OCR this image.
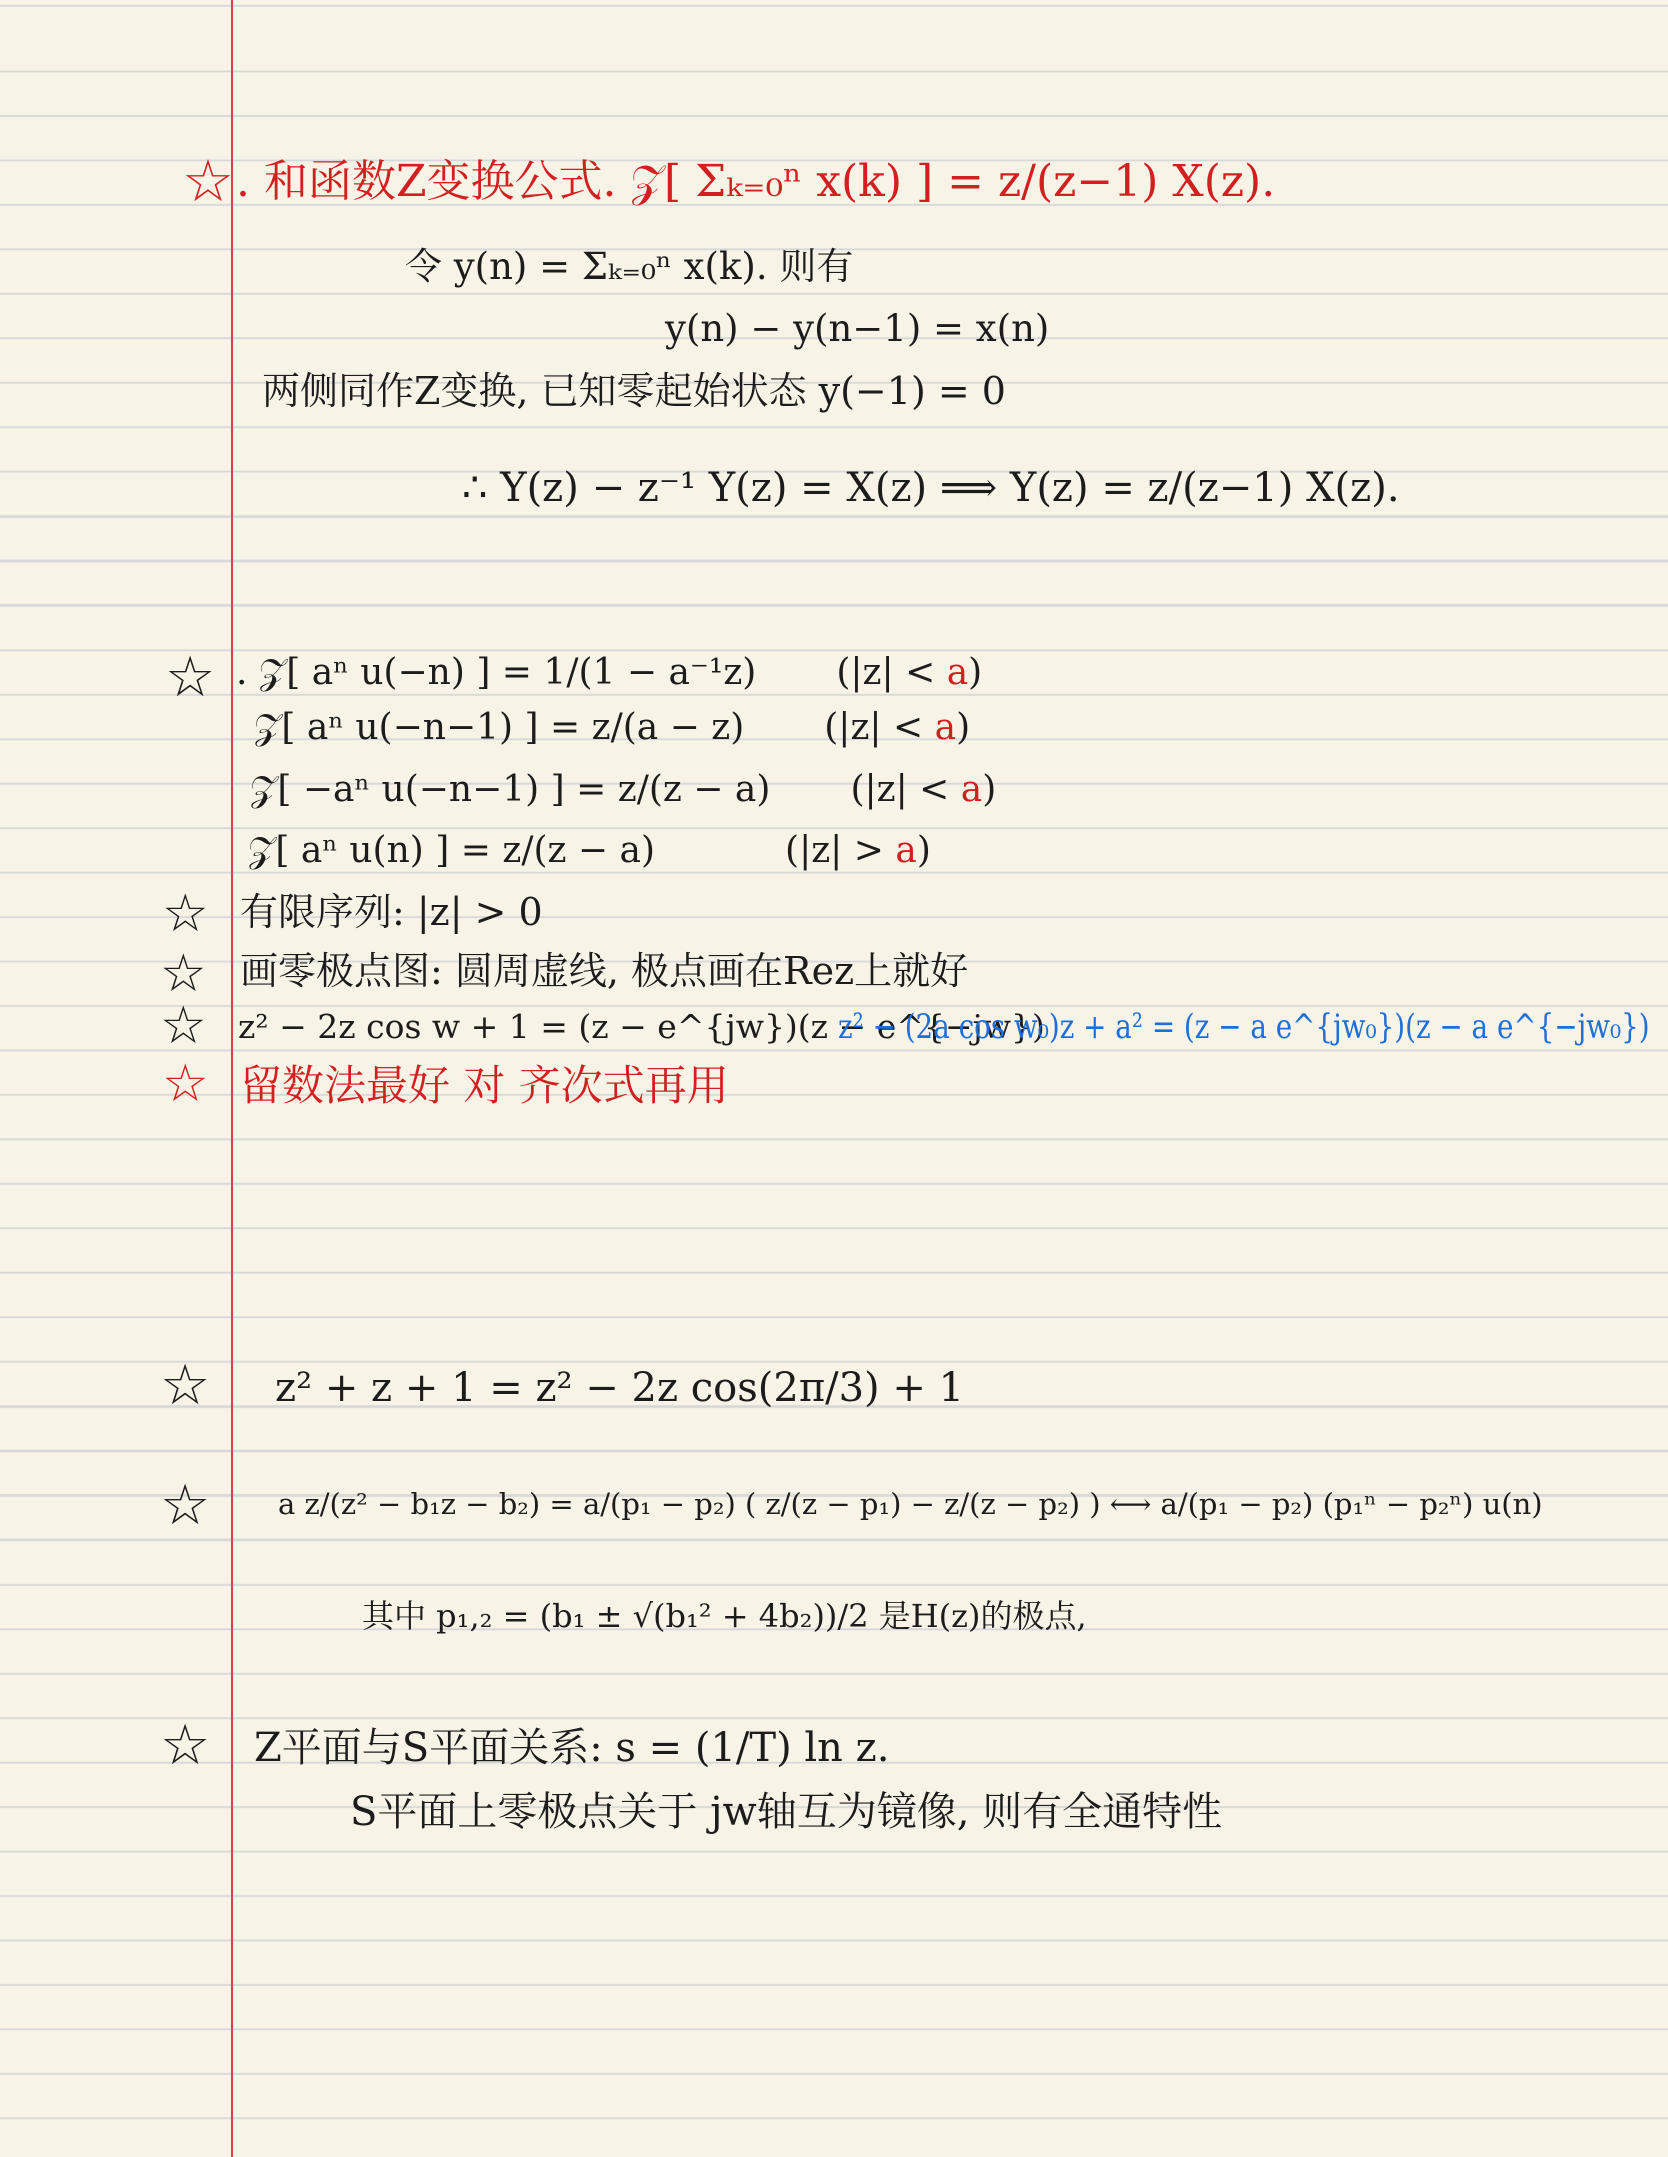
☆ . 和函数Z变换公式. 𝒵[ Σₖ₌₀ⁿ x(k) ] = z/(z−1) X(z).
令 y(n) = Σₖ₌₀ⁿ x(k). 则有
y(n) − y(n−1) = x(n)
两侧同作Z变换, 已知零起始状态 y(−1) = 0
∴ Y(z) − z⁻¹ Y(z) = X(z) ⟹ Y(z) = z/(z−1) X(z).
☆ . 𝒵[ aⁿ u(−n) ] = 1/(1 − a⁻¹z) (|z| < a)
𝒵[ aⁿ u(−n−1) ] = z/(a − z) (|z| < a)
𝒵[ −aⁿ u(−n−1) ] = z/(z − a) (|z| < a)
𝒵[ aⁿ u(n) ] = z/(z − a)	(|z| > a)
☆ 有限序列: |z| > 0
☆ 画零极点图: 圆周虚线, 极点画在Rez上就好
☆ z² − 2z cos w + 1 = (z − e^{jw})(z − e^{−jw})
z² − (2a cos w₀)z + a² = (z − a e^{jw₀})(z − a e^{−jw₀})
☆ 留数法最好 对 齐次式再用
☆ z² + z + 1 = z² − 2z cos(2π/3) + 1
☆ a z/(z² − b₁z − b₂) = a/(p₁ − p₂) ( z/(z − p₁) − z/(z − p₂) ) ⟷ a/(p₁ − p₂) (p₁ⁿ − p₂ⁿ) u(n)
其中 p₁,₂ = (b₁ ± √(b₁² + 4b₂))/2 是H(z)的极点,
☆ Z平面与S平面关系: s = (1/T) ln z.
S平面上零极点关于 jw轴互为镜像, 则有全通特性
